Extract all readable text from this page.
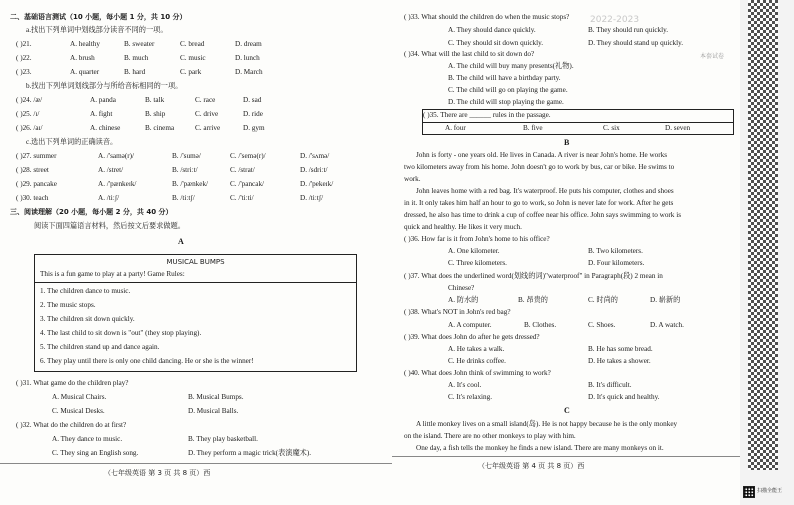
二、基础语言测试（10 小题，每小题 1 分，共 10 分）
a.找出下列单词中划线部分读音不同的一项。
( )21.	A. healthy	B. sweater	C. bread	D. dream
( )22.	A. brush	B. much	C. music	D. lunch
( )23.	A. quarter	B. hard	C. park	D. March
b.找出下列单词划线部分与所给音标相同的一项。
( )24. /æ/	A. panda	B. talk	C. race	D. sad
( )25. /ɪ/	A. fight	B. ship	C. drive	D. ride
( )26. /aɪ/	A. chinese	B. cinema	C. arrive	D. gym
c.选出下列单词的正确读音。
( )27. summer	A. /'samə(r)/	B. /'sumə/	C. /'semə(r)/	D. /'sʌmə/
( )28. street	A. /stret/	B. /striːt/	C. /strat/	D. /sdriːt/
( )29. pancake	A. /'pænkeɪk/	B. /'pænkek/	C. /'pancak/	D. /'pekeɪk/
( )30. teach	A. /tiːʃ/	B. /tiːtʃ/	C. /'tiːti/	D. /tiːtʃ/
三、阅读理解（20 小题，每小题 2 分，共 40 分）
阅读下面四篇语言材料，然后按文后要求做题。
A
MUSICAL BUMPS
This is a fun game to play at a party! Game Rules:
1. The children dance to music.
2. The music stops.
3. The children sit down quickly.
4. The last child to sit down is "out" (they stop playing).
5. The children stand up and dance again.
6. They play until there is only one child dancing. He or she is the winner!
( )31. What game do the children play?
A. Musical Chairs.	B. Musical Bumps.
C. Musical Desks.	D. Musical Balls.
( )32. What do the children do at first?
A. They dance to music.	B. They play basketball.
C. They sing an English song.	D. They perform a magic trick(表演魔术).
（七年级英语 第 3 页 共 8 页）西
( )33. What should the children do when the music stops?
A. They should dance quickly.	B. They should run quickly.
C. They should sit down quickly.	D. They should stand up quickly.
( )34. What will the last child to sit down do?
A. The child will buy many presents(礼物).
B. The child will have a birthday party.
C. The child will go on playing the game.
D. The child will stop playing the game.
( )35. There are ______ rules in the passage.
A. four	B. five	C. six	D. seven
B
John is forty - one years old. He lives in Canada. A river is near John's home. He works
two kilometers away from his home. John doesn't go to work by bus, car or bike. He swims to
work.
John leaves home with a red bag. It's waterproof. He puts his computer, clothes and shoes
in it. It only takes him half an hour to go to work, so John is never late for work. After he gets
dressed, he also has time to drink a cup of coffee near his office. John says swimming to work is
quick and healthy. He likes it very much.
( )36. How far is it from John's home to his office?
A. One kilometer.	B. Two kilometers.
C. Three kilometers.	D. Four kilometers.
( )37. What does the underlined word(划线的词)"waterproof" in Paragraph(段) 2 mean in
Chinese?
A. 防水的	B. 昂贵的	C. 时尚的	D. 崭新的
( )38. What's NOT in John's red bag?
A. A computer.	B. Clothes.	C. Shoes.	D. A watch.
( )39. What does John do after he gets dressed?
A. He takes a walk.	B. He has some bread.
C. He drinks coffee.	D. He takes a shower.
( )40. What does John think of swimming to work?
A. It's cool.	B. It's difficult.
C. It's relaxing.	D. It's quick and healthy.
C
A little monkey lives on a small island(岛). He is not happy because he is the only monkey
on the island. There are no other monkeys to play with him.
One day, a fish tells the monkey he finds a new island. There are many monkeys on it.
（七年级英语 第 4 页 共 8 页）西
2022-2023
本套试卷
扫描全能王
